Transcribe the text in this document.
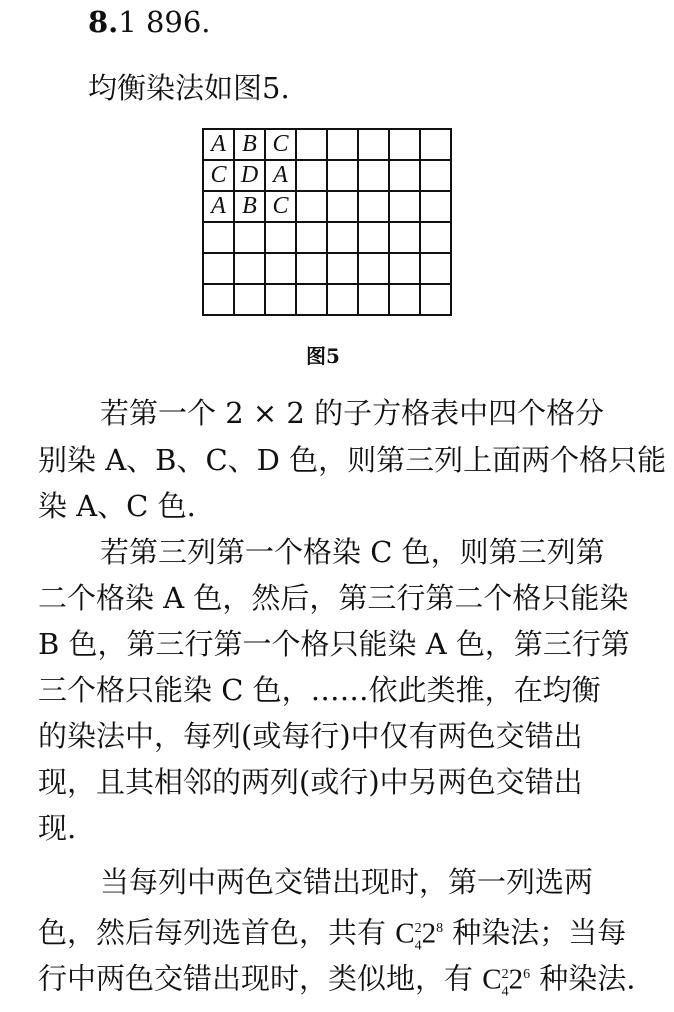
8.1 896.
均衡染法如图5.
A	B	C					
C	D	A					
A	B	C					

图5
若第一个 2 × 2 的子方格表中四个格分
别染 A、B、C、D 色，则第三列上面两个格只能
染 A、C 色.
若第三列第一个格染 C 色，则第三列第
二个格染 A 色，然后，第三行第二个格只能染
B 色，第三行第一个格只能染 A 色，第三行第
三个格只能染 C 色，……依此类推，在均衡
的染法中，每列(或每行)中仅有两色交错出
现，且其相邻的两列(或行)中另两色交错出
现.
当每列中两色交错出现时，第一列选两
色，然后每列选首色，共有 $C_4^22^8$ 种染法；当每
行中两色交错出现时，类似地，有 $C_4^22^6$ 种染法.
